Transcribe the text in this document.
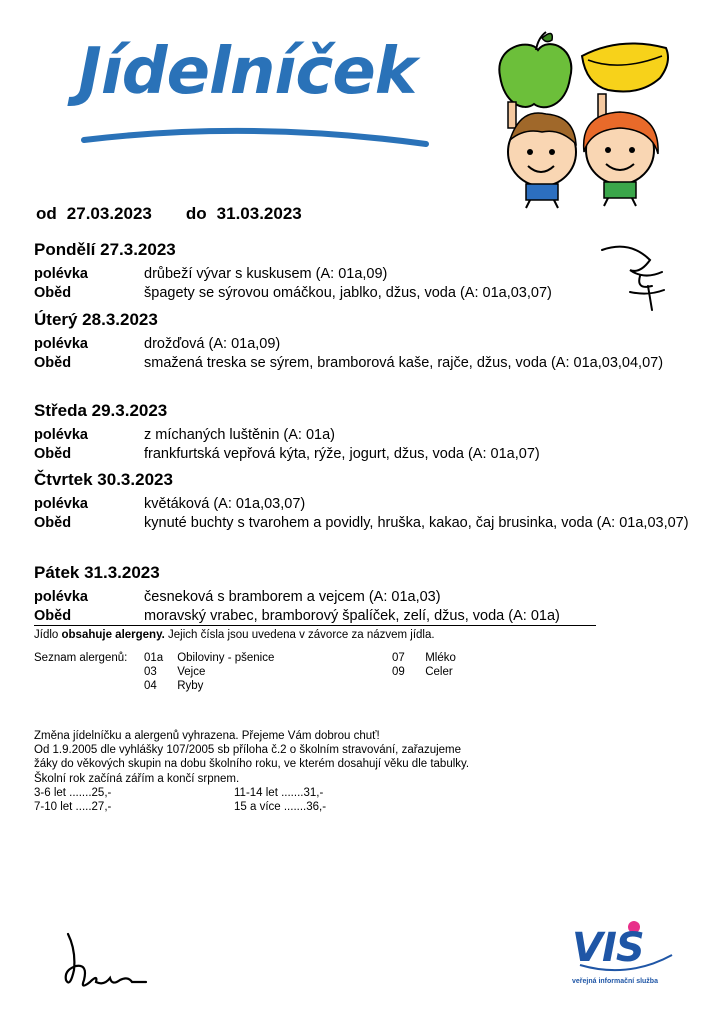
Jídelníček
od 27.03.2023 do 31.03.2023
Pondělí 27.3.2023
polévka	drůbeží vývar s kuskusem (A: 01a,09)
Oběd	špagety se sýrovou omáčkou, jablko, džus, voda (A: 01a,03,07)
Úterý 28.3.2023
polévka	drožďová (A: 01a,09)
Oběd	smažená treska se sýrem, bramborová kaše, rajče, džus, voda (A: 01a,03,04,07)
Středa 29.3.2023
polévka	z míchaných luštěnin (A: 01a)
Oběd	frankfurtská vepřová kýta, rýže, jogurt, džus, voda (A: 01a,07)
Čtvrtek 30.3.2023
polévka	květáková (A: 01a,03,07)
Oběd	kynuté buchty s tvarohem a povidly, hruška, kakao, čaj brusinka, voda (A: 01a,03,07)
Pátek 31.3.2023
polévka	česneková s bramborem a vejcem (A: 01a,03)
Oběd	moravský vrabec, bramborový špalíček, zelí, džus, voda (A: 01a)
Jídlo obsahuje alergeny. Jejich čísla jsou uvedena v závorce za názvem jídla.
Seznam alergenů:	01a Obiloviny - pšenice
03 Vejce
04 Ryby
07 Mléko
09 Celer
Změna jídelníčku a alergenů vyhrazena. Přejeme Vám dobrou chuť!
Od 1.9.2005 dle vyhlášky 107/2005 sb příloha č.2 o školním stravování, zařazujeme
žáky do věkových skupin na dobu školního roku, ve kterém dosahují věku dle tabulky.
Školní rok začíná zářím a končí srpnem.
3-6 let .......25,-	11-14 let .......31,-
7-10 let .....27,-	15 a více .......36,-
VIS
veřejná informační služba
